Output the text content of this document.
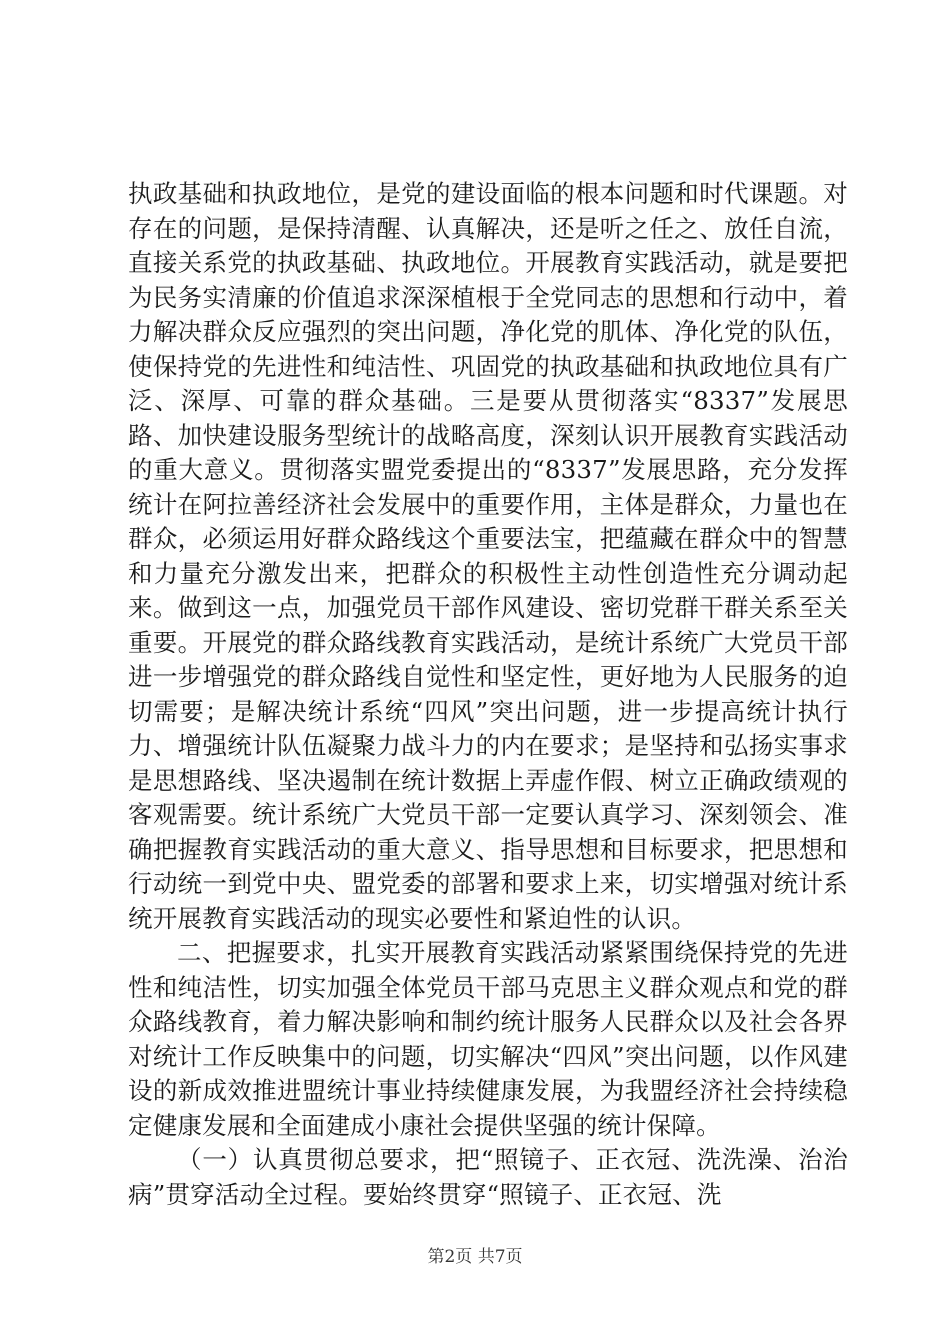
执政基础和执政地位，是党的建设面临的根本问题和时代课题。对存在的问题，是保持清醒、认真解决，还是听之任之、放任自流，直接关系党的执政基础、执政地位。开展教育实践活动，就是要把为民务实清廉的价值追求深深植根于全党同志的思想和行动中，着力解决群众反应强烈的突出问题，净化党的肌体、净化党的队伍，使保持党的先进性和纯洁性、巩固党的执政基础和执政地位具有广泛、深厚、可靠的群众基础。三是要从贯彻落实“8337”发展思路、加快建设服务型统计的战略高度，深刻认识开展教育实践活动的重大意义。贯彻落实盟党委提出的“8337”发展思路，充分发挥统计在阿拉善经济社会发展中的重要作用，主体是群众，力量也在群众，必须运用好群众路线这个重要法宝，把蕴藏在群众中的智慧和力量充分激发出来，把群众的积极性主动性创造性充分调动起来。做到这一点，加强党员干部作风建设、密切党群干群关系至关重要。开展党的群众路线教育实践活动，是统计系统广大党员干部进一步增强党的群众路线自觉性和坚定性，更好地为人民服务的迫切需要；是解决统计系统“四风”突出问题，进一步提高统计执行力、增强统计队伍凝聚力战斗力的内在要求；是坚持和弘扬实事求是思想路线、坚决遏制在统计数据上弄虚作假、树立正确政绩观的客观需要。统计系统广大党员干部一定要认真学习、深刻领会、准确把握教育实践活动的重大意义、指导思想和目标要求，把思想和行动统一到党中央、盟党委的部署和要求上来，切实增强对统计系统开展教育实践活动的现实必要性和紧迫性的认识。

二、把握要求，扎实开展教育实践活动紧紧围绕保持党的先进性和纯洁性，切实加强全体党员干部马克思主义群众观点和党的群众路线教育，着力解决影响和制约统计服务人民群众以及社会各界对统计工作反映集中的问题，切实解决“四风”突出问题，以作风建设的新成效推进盟统计事业持续健康发展，为我盟经济社会持续稳定健康发展和全面建成小康社会提供坚强的统计保障。

（一）认真贯彻总要求，把“照镜子、正衣冠、洗洗澡、治治病”贯穿活动全过程。要始终贯穿“照镜子、正衣冠、洗

第2页 共7页
